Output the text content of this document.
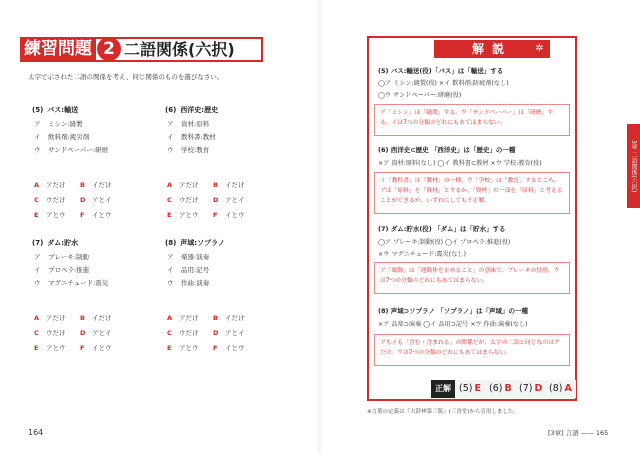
練習問題 2 二語関係(六択)
太字で示された二語の関係を考え、同じ関係のものを選びなさい。
(5) バス:輸送
ア ミシン:縫製
イ 飲料剤:疲労剤
ウ サンドペーパー:研磨
A アだけ B イだけ
C ウだけ D アとイ
E アとウ F イとウ
(6) 西洋史:歴史
ア 資材:原料
イ 教科書:教材
ウ 学校:教育
A アだけ B イだけ
C ウだけ D アとイ
E アとウ F イとウ
(7) ダム:貯水
ア ブレーキ:制動
イ プロペラ:推進
ウ マグニチュード:震災
A アだけ B イだけ
C ウだけ D アとイ
E アとウ F イとウ
(8) 声域:ソプラノ
ア 楽器:演奏
イ 品用:記号
ウ 作曲:演奏
A アだけ B イだけ
C ウだけ D アとイ
E アとウ F イとウ
164
解説	✲
(5) バス:輸送(役)「バス」は「輸送」する
◯ア ミシン:縫製(役) ×イ 飲料剤:防疲剤(なし)
◯ウ サンドペーパー:研磨(役)
ア「ミシン」は「縫製」する。ウ「サンドペーパー」は「研磨」する。イは7つの分類のどれにもあてはまらない。
(6) 西洋史⊂歴史 「西洋史」は「歴史」の一種
×ア 資材:原料(なし) ◯イ 教科書⊂教材 ×ウ 学校:教育(役)
イ「教科書」は「教材」の一種。ウ「学校」は「教育」するところ。アは「原料」を「資材」とするか、「資材」の一部を「原料」と考えることができるが、いずれにしても不正解。
(7) ダム:貯水(役) 「ダム」は「貯水」する
◯ア ブレーキ:制動(役) ◯イ プロペラ:推進(役)
×ウ マグニチュード:震災(なし)
ア「制動」は「運動体を止めること」の意味で、ブレーキの役割。ウは7つの分類のどれにもあてはまらない。
(8) 声域⊃ソプラノ 「ソプラノ」は「声域」の一種
×ア 品楽⊃演奏 ◯イ 品用⊃記号 ×ウ 作曲:演奏(なし)
アもイも「含む・含まれる」の関係だが、太字の二語と同じなのはアだけ。ウは7つの分類のどれにもあてはまらない。
正解 (5) E (6) B (7) D (8) A
3章 二語関係(六択)
※言葉の定義は『大辞林第三版』(三省堂)から引用しました。
[3章] 言語 —— 165
